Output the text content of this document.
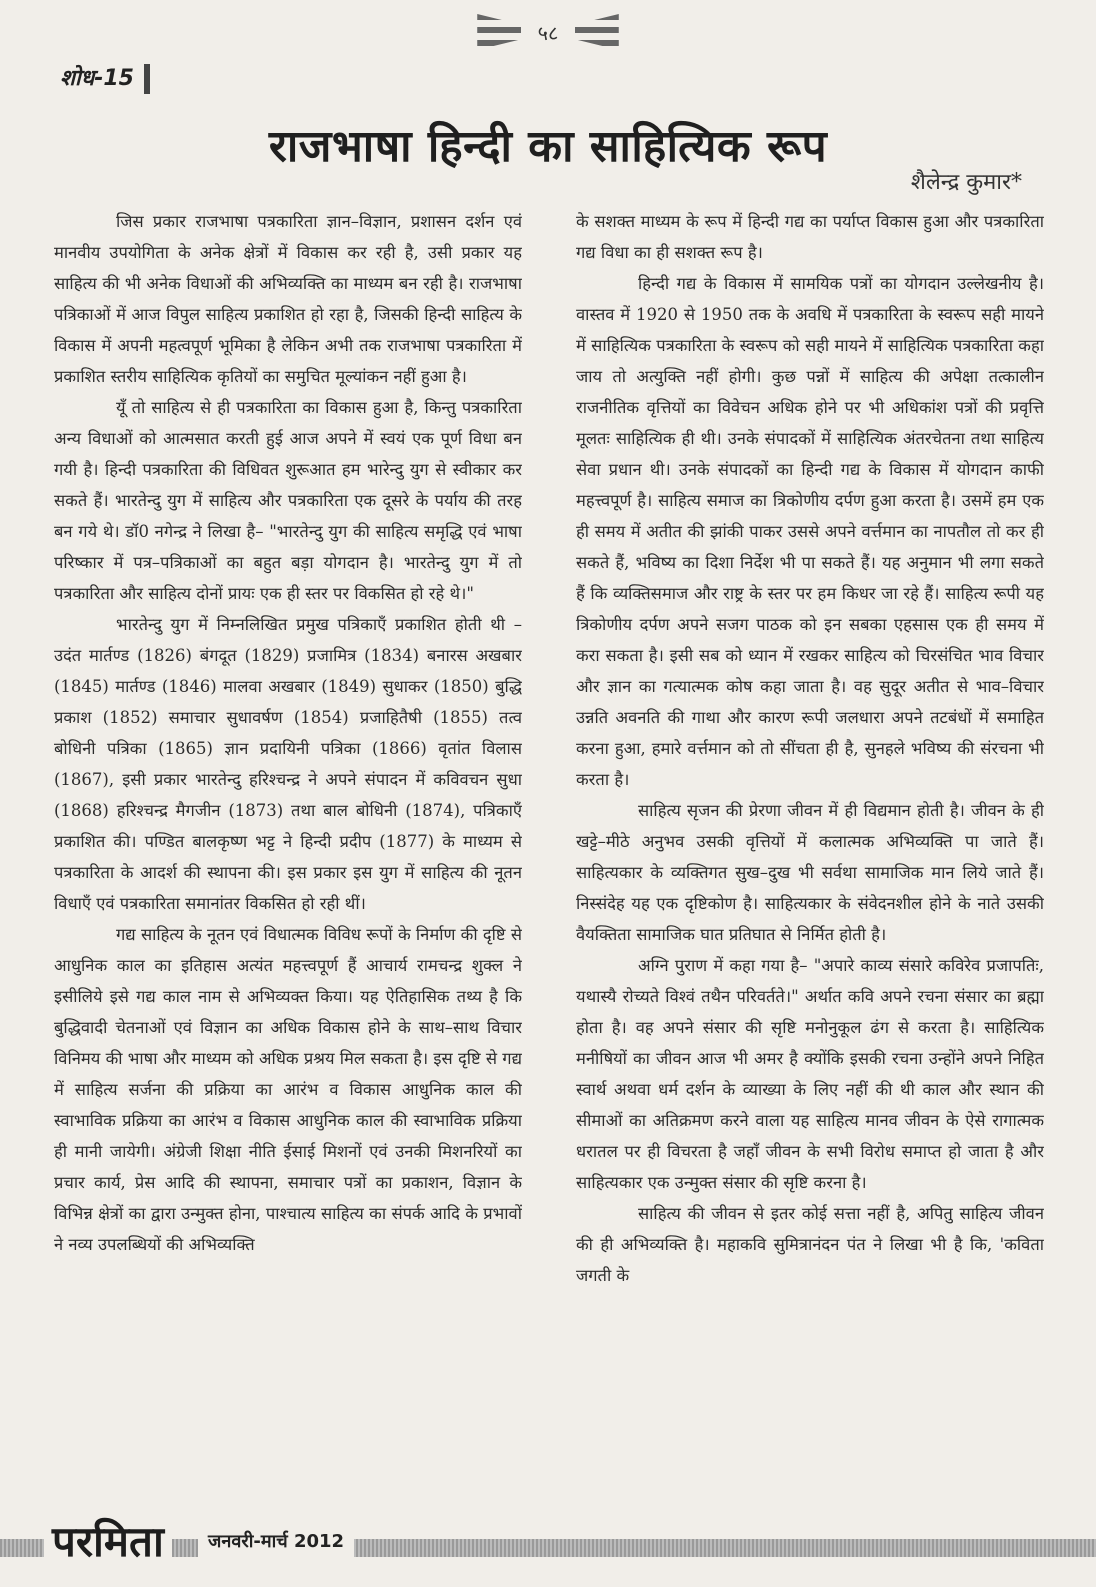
५८
शोध-15
राजभाषा हिन्दी का साहित्यिक रूप
शैलेन्द्र कुमार*

जिस प्रकार राजभाषा पत्रकारिता ज्ञान–विज्ञान, प्रशासन दर्शन एवं मानवीय उपयोगिता के अनेक क्षेत्रों में विकास कर रही है, उसी प्रकार यह साहित्य की भी अनेक विधाओं की अभिव्यक्ति का माध्यम बन रही है। राजभाषा पत्रिकाओं में आज विपुल साहित्य प्रकाशित हो रहा है, जिसकी हिन्दी साहित्य के विकास में अपनी महत्वपूर्ण भूमिका है लेकिन अभी तक राजभाषा पत्रकारिता में प्रकाशित स्तरीय साहित्यिक कृतियों का समुचित मूल्यांकन नहीं हुआ है।

यूँ तो साहित्य से ही पत्रकारिता का विकास हुआ है, किन्तु पत्रकारिता अन्य विधाओं को आत्मसात करती हुई आज अपने में स्वयं एक पूर्ण विधा बन गयी है। हिन्दी पत्रकारिता की विधिवत शुरूआत हम भारेन्दु युग से स्वीकार कर सकते हैं। भारतेन्दु युग में साहित्य और पत्रकारिता एक दूसरे के पर्याय की तरह बन गये थे। डॉ0 नगेन्द्र ने लिखा है– "भारतेन्दु युग की साहित्य समृद्धि एवं भाषा परिष्कार में पत्र–पत्रिकाओं का बहुत बड़ा योगदान है। भारतेन्दु युग में तो पत्रकारिता और साहित्य दोनों प्रायः एक ही स्तर पर विकसित हो रहे थे।"

भारतेन्दु युग में निम्नलिखित प्रमुख पत्रिकाएँ प्रकाशित होती थी – उदंत मार्तण्ड (1826) बंगदूत (1829) प्रजामित्र (1834) बनारस अखबार (1845) मार्तण्ड (1846) मालवा अखबार (1849) सुधाकर (1850) बुद्धि प्रकाश (1852) समाचार सुधावर्षण (1854) प्रजाहितैषी (1855) तत्व बोधिनी पत्रिका (1865) ज्ञान प्रदायिनी पत्रिका (1866) वृतांत विलास (1867), इसी प्रकार भारतेन्दु हरिश्चन्द्र ने अपने संपादन में कविवचन सुधा (1868) हरिश्चन्द्र मैगजीन (1873) तथा बाल बोधिनी (1874), पत्रिकाएँ प्रकाशित की। पण्डित बालकृष्ण भट्ट ने हिन्दी प्रदीप (1877) के माध्यम से पत्रकारिता के आदर्श की स्थापना की। इस प्रकार इस युग में साहित्य की नूतन विधाएँ एवं पत्रकारिता समानांतर विकसित हो रही थीं।

गद्य साहित्य के नूतन एवं विधात्मक विविध रूपों के निर्माण की दृष्टि से आधुनिक काल का इतिहास अत्यंत महत्त्वपूर्ण हैं आचार्य रामचन्द्र शुक्ल ने इसीलिये इसे गद्य काल नाम से अभिव्यक्त किया। यह ऐतिहासिक तथ्य है कि बुद्धिवादी चेतनाओं एवं विज्ञान का अधिक विकास होने के साथ–साथ विचार विनिमय की भाषा और माध्यम को अधिक प्रश्रय मिल सकता है। इस दृष्टि से गद्य में साहित्य सर्जना की प्रक्रिया का आरंभ व विकास आधुनिक काल की स्वाभाविक प्रक्रिया का आरंभ व विकास आधुनिक काल की स्वाभाविक प्रक्रिया ही मानी जायेगी। अंग्रेजी शिक्षा नीति ईसाई मिशनों एवं उनकी मिशनरियों का प्रचार कार्य, प्रेस आदि की स्थापना, समाचार पत्रों का प्रकाशन, विज्ञान के विभिन्न क्षेत्रों का द्वारा उन्मुक्त होना, पाश्चात्य साहित्य का संपर्क आदि के प्रभावों ने नव्य उपलब्धियों की अभिव्यक्ति

के सशक्त माध्यम के रूप में हिन्दी गद्य का पर्याप्त विकास हुआ और पत्रकारिता गद्य विधा का ही सशक्त रूप है।

हिन्दी गद्य के विकास में सामयिक पत्रों का योगदान उल्लेखनीय है। वास्तव में 1920 से 1950 तक के अवधि में पत्रकारिता के स्वरूप सही मायने में साहित्यिक पत्रकारिता के स्वरूप को सही मायने में साहित्यिक पत्रकारिता कहा जाय तो अत्युक्ति नहीं होगी। कुछ पन्नों में साहित्य की अपेक्षा तत्कालीन राजनीतिक वृत्तियों का विवेचन अधिक होने पर भी अधिकांश पत्रों की प्रवृत्ति मूलतः साहित्यिक ही थी। उनके संपादकों में साहित्यिक अंतरचेतना तथा साहित्य सेवा प्रधान थी। उनके संपादकों का हिन्दी गद्य के विकास में योगदान काफी महत्त्वपूर्ण है। साहित्य समाज का त्रिकोणीय दर्पण हुआ करता है। उसमें हम एक ही समय में अतीत की झांकी पाकर उससे अपने वर्त्तमान का नापतौल तो कर ही सकते हैं, भविष्य का दिशा निर्देश भी पा सकते हैं। यह अनुमान भी लगा सकते हैं कि व्यक्तिसमाज और राष्ट्र के स्तर पर हम किधर जा रहे हैं। साहित्य रूपी यह त्रिकोणीय दर्पण अपने सजग पाठक को इन सबका एहसास एक ही समय में करा सकता है। इसी सब को ध्यान में रखकर साहित्य को चिरसंचित भाव विचार और ज्ञान का गत्यात्मक कोष कहा जाता है। वह सुदूर अतीत से भाव–विचार उन्नति अवनति की गाथा और कारण रूपी जलधारा अपने तटबंधों में समाहित करना हुआ, हमारे वर्त्तमान को तो सींचता ही है, सुनहले भविष्य की संरचना भी करता है।

साहित्य सृजन की प्रेरणा जीवन में ही विद्यमान होती है। जीवन के ही खट्टे–मीठे अनुभव उसकी वृत्तियों में कलात्मक अभिव्यक्ति पा जाते हैं। साहित्यकार के व्यक्तिगत सुख–दुख भी सर्वथा सामाजिक मान लिये जाते हैं। निस्संदेह यह एक दृष्टिकोण है। साहित्यकार के संवेदनशील होने के नाते उसकी वैयक्तिता सामाजिक घात प्रतिघात से निर्मित होती है।

अग्नि पुराण में कहा गया है– "अपारे काव्य संसारे कविरेव प्रजापतिः, यथास्यै रोच्यते विश्वं तथैन परिवर्तते।" अर्थात कवि अपने रचना संसार का ब्रह्मा होता है। वह अपने संसार की सृष्टि मनोनुकूल ढंग से करता है। साहित्यिक मनीषियों का जीवन आज भी अमर है क्योंकि इसकी रचना उन्होंने अपने निहित स्वार्थ अथवा धर्म दर्शन के व्याख्या के लिए नहीं की थी काल और स्थान की सीमाओं का अतिक्रमण करने वाला यह साहित्य मानव जीवन के ऐसे रागात्मक धरातल पर ही विचरता है जहाँ जीवन के सभी विरोध समाप्त हो जाता है और साहित्यकार एक उन्मुक्त संसार की सृष्टि करना है।

साहित्य की जीवन से इतर कोई सत्ता नहीं है, अपितु साहित्य जीवन की ही अभिव्यक्ति है। महाकवि सुमित्रानंदन पंत ने लिखा भी है कि, 'कविता जगती के

परमिता	जनवरी-मार्च 2012
